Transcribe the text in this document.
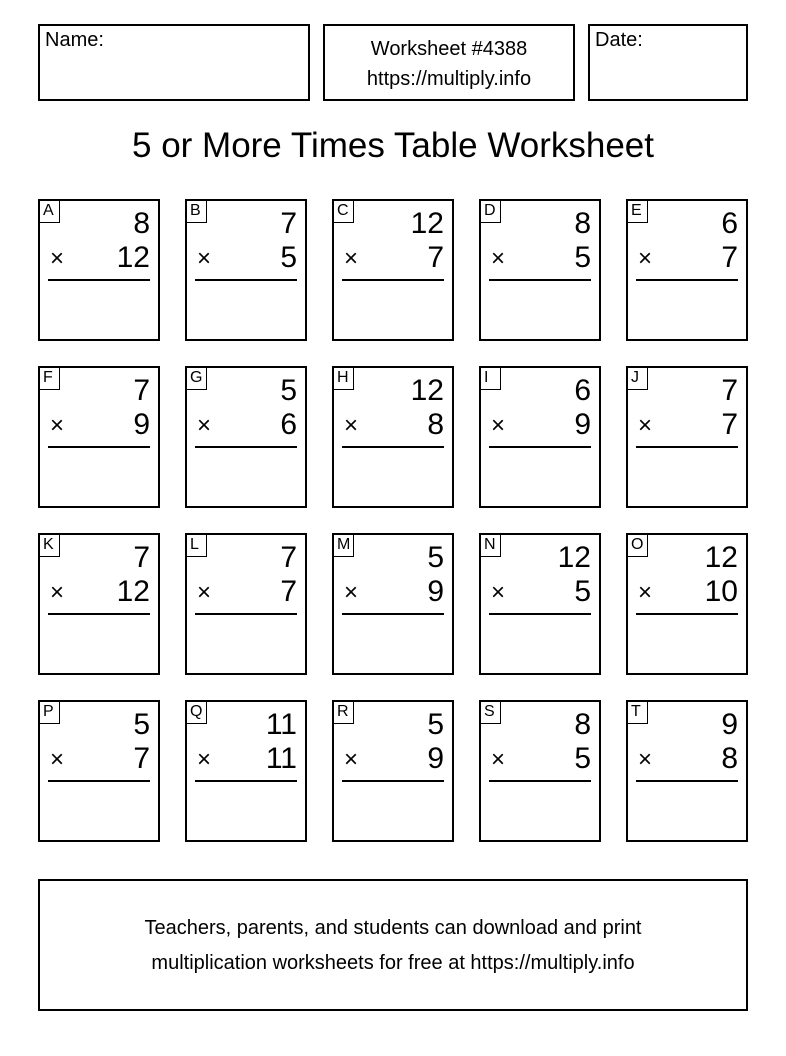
Name:	Worksheet #4388
https://multiply.info
Date:
5 or More Times Table Worksheet
A	8
× 12
B	7
× 5
C 12
× 7
D	8
× 5
E	6
× 7
F	7
× 9
G	5
× 6
H 12
× 8
I	6
× 9
J	7
× 7
K	7
× 12
L	7
× 7
M	5
× 9
N 12
× 5
O 12
× 10
P	5
× 7
Q 11
× 11
R	5
× 9
S	8
× 5
T	9
× 8
Teachers, parents, and students can download and print
multiplication worksheets for free at https://multiply.info
